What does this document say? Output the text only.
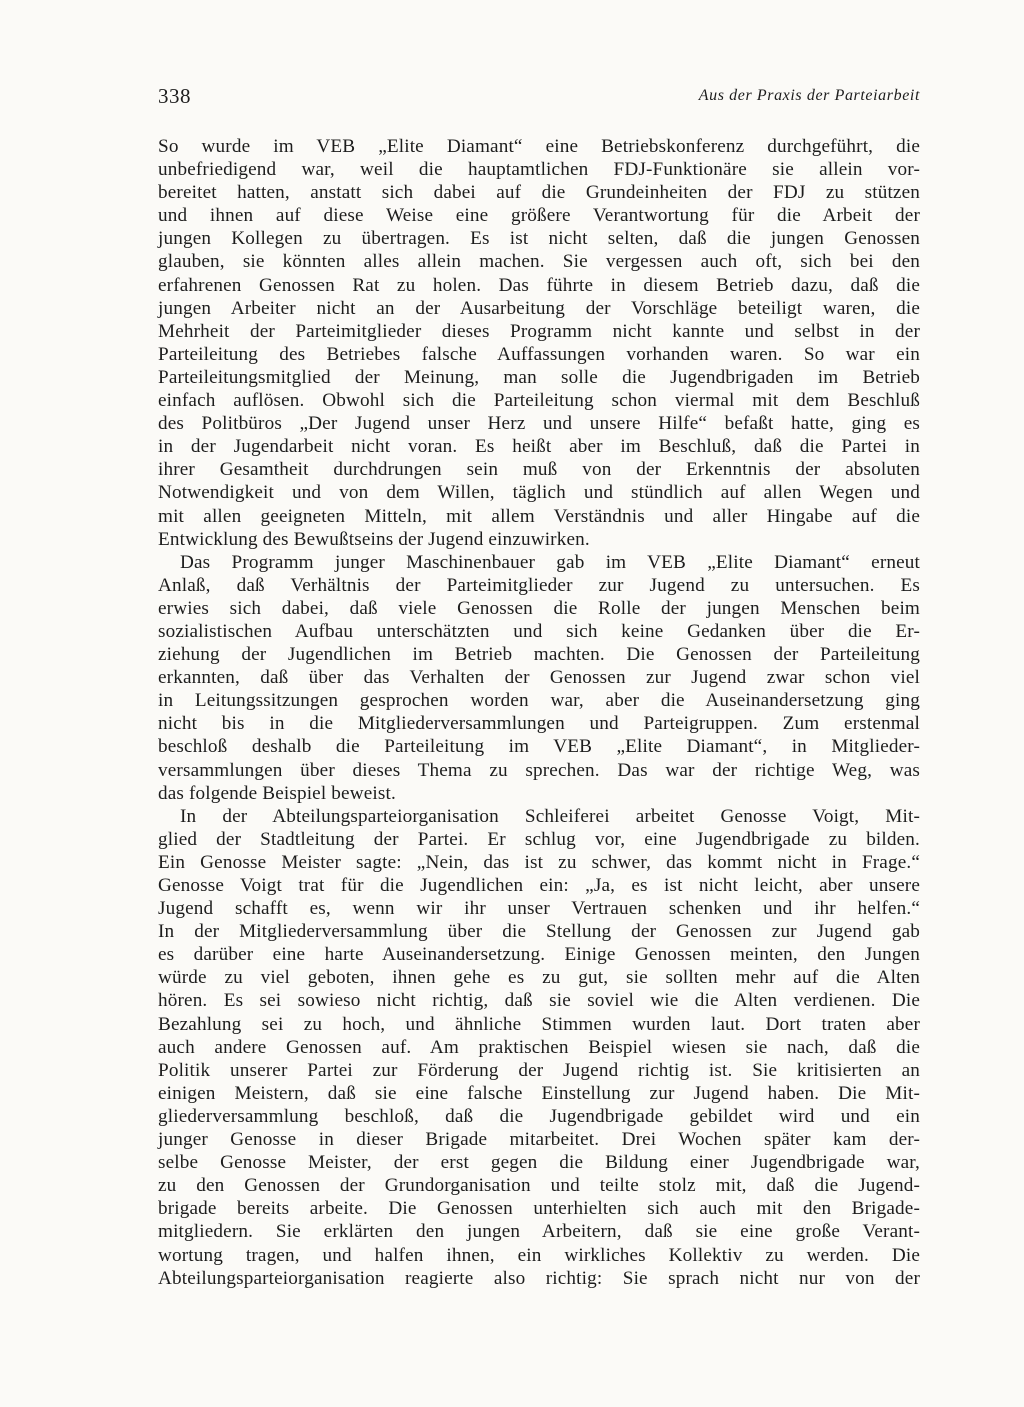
338	Aus der Praxis der Parteiarbeit
So wurde im VEB „Elite Diamant“ eine Betriebskonferenz durchgeführt, die
unbefriedigend war, weil die hauptamtlichen FDJ-Funktionäre sie allein vor-
bereitet hatten, anstatt sich dabei auf die Grundeinheiten der FDJ zu stützen
und ihnen auf diese Weise eine größere Verantwortung für die Arbeit der
jungen Kollegen zu übertragen. Es ist nicht selten, daß die jungen Genossen
glauben, sie könnten alles allein machen. Sie vergessen auch oft, sich bei den
erfahrenen Genossen Rat zu holen. Das führte in diesem Betrieb dazu, daß die
jungen Arbeiter nicht an der Ausarbeitung der Vorschläge beteiligt waren, die
Mehrheit der Parteimitglieder dieses Programm nicht kannte und selbst in der
Parteileitung des Betriebes falsche Auffassungen vorhanden waren. So war ein
Parteileitungsmitglied der Meinung, man solle die Jugendbrigaden im Betrieb
einfach auflösen. Obwohl sich die Parteileitung schon viermal mit dem Beschluß
des Politbüros „Der Jugend unser Herz und unsere Hilfe“ befaßt hatte, ging es
in der Jugendarbeit nicht voran. Es heißt aber im Beschluß, daß die Partei in
ihrer Gesamtheit durchdrungen sein muß von der Erkenntnis der absoluten
Notwendigkeit und von dem Willen, täglich und stündlich auf allen Wegen und
mit allen geeigneten Mitteln, mit allem Verständnis und aller Hingabe auf die
Entwicklung des Bewußtseins der Jugend einzuwirken.
Das Programm junger Maschinenbauer gab im VEB „Elite Diamant“ erneut
Anlaß, daß Verhältnis der Parteimitglieder zur Jugend zu untersuchen. Es
erwies sich dabei, daß viele Genossen die Rolle der jungen Menschen beim
sozialistischen Aufbau unterschätzten und sich keine Gedanken über die Er-
ziehung der Jugendlichen im Betrieb machten. Die Genossen der Parteileitung
erkannten, daß über das Verhalten der Genossen zur Jugend zwar schon viel
in Leitungssitzungen gesprochen worden war, aber die Auseinandersetzung ging
nicht bis in die Mitgliederversammlungen und Parteigruppen. Zum erstenmal
beschloß deshalb die Parteileitung im VEB „Elite Diamant“, in Mitglieder-
versammlungen über dieses Thema zu sprechen. Das war der richtige Weg, was
das folgende Beispiel beweist.
In der Abteilungsparteiorganisation Schleiferei arbeitet Genosse Voigt, Mit-
glied der Stadtleitung der Partei. Er schlug vor, eine Jugendbrigade zu bilden.
Ein Genosse Meister sagte: „Nein, das ist zu schwer, das kommt nicht in Frage.“
Genosse Voigt trat für die Jugendlichen ein: „Ja, es ist nicht leicht, aber unsere
Jugend schafft es, wenn wir ihr unser Vertrauen schenken und ihr helfen.“
In der Mitgliederversammlung über die Stellung der Genossen zur Jugend gab
es darüber eine harte Auseinandersetzung. Einige Genossen meinten, den Jungen
würde zu viel geboten, ihnen gehe es zu gut, sie sollten mehr auf die Alten
hören. Es sei sowieso nicht richtig, daß sie soviel wie die Alten verdienen. Die
Bezahlung sei zu hoch, und ähnliche Stimmen wurden laut. Dort traten aber
auch andere Genossen auf. Am praktischen Beispiel wiesen sie nach, daß die
Politik unserer Partei zur Förderung der Jugend richtig ist. Sie kritisierten an
einigen Meistern, daß sie eine falsche Einstellung zur Jugend haben. Die Mit-
gliederversammlung beschloß, daß die Jugendbrigade gebildet wird und ein
junger Genosse in dieser Brigade mitarbeitet. Drei Wochen später kam der-
selbe Genosse Meister, der erst gegen die Bildung einer Jugendbrigade war,
zu den Genossen der Grundorganisation und teilte stolz mit, daß die Jugend-
brigade bereits arbeite. Die Genossen unterhielten sich auch mit den Brigade-
mitgliedern. Sie erklärten den jungen Arbeitern, daß sie eine große Verant-
wortung tragen, und halfen ihnen, ein wirkliches Kollektiv zu werden. Die
Abteilungsparteiorganisation reagierte also richtig: Sie sprach nicht nur von der
